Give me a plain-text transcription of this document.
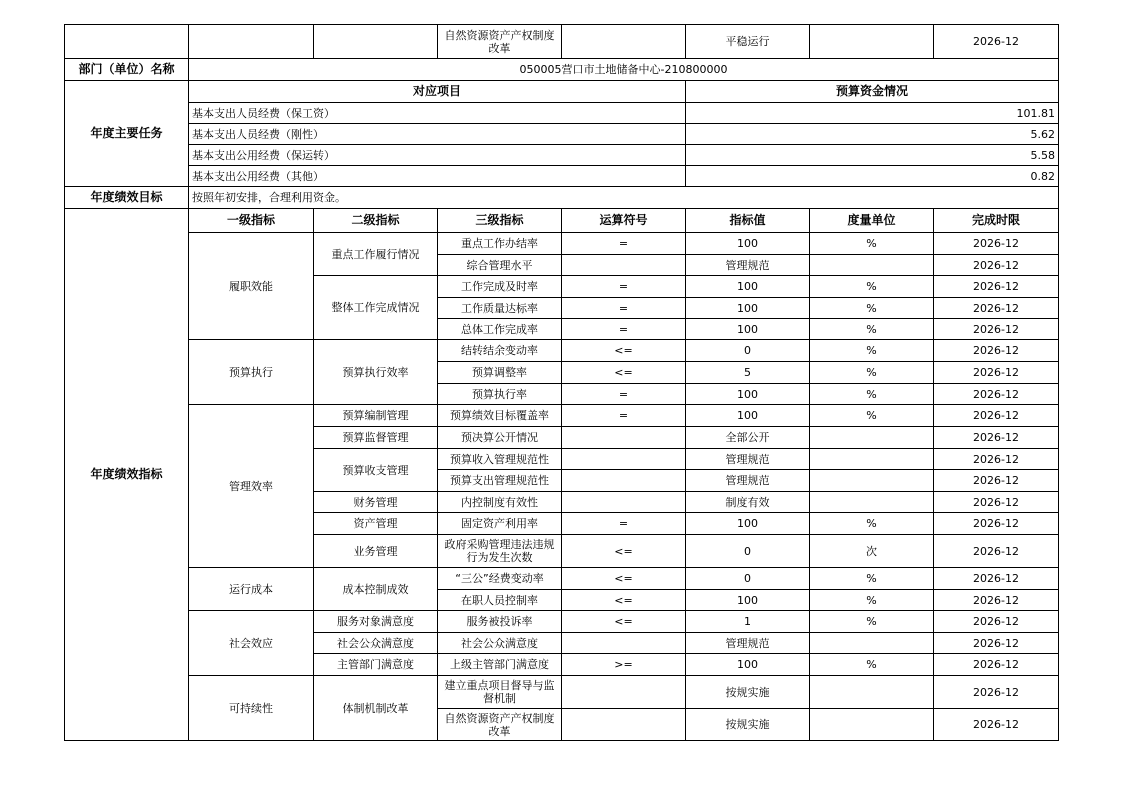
			自然资源资产产权制度改革		平稳运行		2026-12
部门（单位）名称	050005营口市土地储备中心-210800000						
年度主要任务	对应项目				预算资金情况		
	基本支出人员经费（保工资）				101.81		
	基本支出人员经费（刚性）				5.62		
	基本支出公用经费（保运转）				5.58		
	基本支出公用经费（其他）				0.82		
年度绩效目标	按照年初安排，合理利用资金。						
年度绩效指标	一级指标	二级指标	三级指标	运算符号	指标值	度量单位	完成时限
	履职效能	重点工作履行情况	重点工作办结率	=	100	%	2026-12
			综合管理水平		管理规范		2026-12
		整体工作完成情况	工作完成及时率	=	100	%	2026-12
			工作质量达标率	=	100	%	2026-12
			总体工作完成率	=	100	%	2026-12
	预算执行	预算执行效率	结转结余变动率	<=	0	%	2026-12
			预算调整率	<=	5	%	2026-12
			预算执行率	=	100	%	2026-12
	管理效率	预算编制管理	预算绩效目标覆盖率	=	100	%	2026-12
		预算监督管理	预决算公开情况		全部公开		2026-12
		预算收支管理	预算收入管理规范性		管理规范		2026-12
			预算支出管理规范性		管理规范		2026-12
		财务管理	内控制度有效性		制度有效		2026-12
		资产管理	固定资产利用率	=	100	%	2026-12
		业务管理	政府采购管理违法违规行为发生次数	<=	0	次	2026-12
	运行成本	成本控制成效	“三公”经费变动率	<=	0	%	2026-12
			在职人员控制率	<=	100	%	2026-12
	社会效应	服务对象满意度	服务被投诉率	<=	1	%	2026-12
		社会公众满意度	社会公众满意度		管理规范		2026-12
		主管部门满意度	上级主管部门满意度	>=	100	%	2026-12
	可持续性	体制机制改革	建立重点项目督导与监督机制		按规实施		2026-12
			自然资源资产产权制度改革		按规实施		2026-12
